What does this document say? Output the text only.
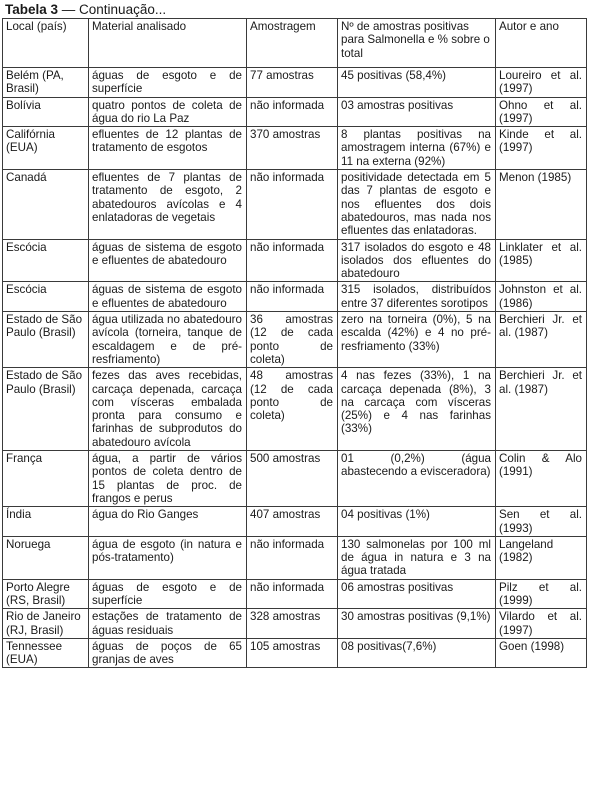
Tabela 3 — Continuação...
Local (país)	Material analisado	Amostragem	Nº de amostras positivas para Salmonella e % sobre o total	Autor e ano
Belém (PA, Brasil)	águas de esgoto e de superfície	77 amostras	45 positivas (58,4%)	Loureiro et al. (1997)
Bolívia	quatro pontos de coleta de água do rio La Paz	não informada	03 amostras positivas	Ohno et al. (1997)
Califórnia (EUA)	efluentes de 12 plantas de tratamento de esgotos	370 amostras	8 plantas positivas na amostragem interna (67%) e 11 na externa (92%)	Kinde et al. (1997)
Canadá	efluentes de 7 plantas de tratamento de esgoto, 2 abatedouros avícolas e 4 enlatadoras de vegetais	não informada	positividade detectada em 5 das 7 plantas de esgoto e nos efluentes dos dois abatedouros, mas nada nos efluentes das enlatadoras.	Menon (1985)
Escócia	águas de sistema de esgoto e efluentes de abatedouro	não informada	317 isolados do esgoto e 48 isolados dos efluentes do abatedouro	Linklater et al. (1985)
Escócia	águas de sistema de esgoto e efluentes de abatedouro	não informada	315 isolados, distribuídos entre 37 diferentes sorotipos	Johnston et al. (1986)
Estado de São Paulo (Brasil)	água utilizada no abatedouro avícola (torneira, tanque de escaldagem e de pré-resfriamento)	36 amostras (12 de cada ponto de coleta)	zero na torneira (0%), 5 na escalda (42%) e 4 no pré-resfriamento (33%)	Berchieri Jr. et al. (1987)
Estado de São Paulo (Brasil)	fezes das aves recebidas, carcaça depenada, carcaça com vísceras embalada pronta para consumo e farinhas de subprodutos do abatedouro avícola	48 amostras (12 de cada ponto de coleta)	4 nas fezes (33%), 1 na carcaça depenada (8%), 3 na carcaça com vísceras (25%) e 4 nas farinhas (33%)	Berchieri Jr. et al. (1987)
França	água, a partir de vários pontos de coleta dentro de 15 plantas de proc. de frangos e perus	500 amostras	01 (0,2%) (água abastecendo a evisceradora)	Colin & Alo (1991)
Índia	água do Rio Ganges	407 amostras	04 positivas (1%)	Sen et al. (1993)
Noruega	água de esgoto (in natura e pós-tratamento)	não informada	130 salmonelas por 100 ml de água in natura e 3 na água tratada	Langeland (1982)
Porto Alegre (RS, Brasil)	águas de esgoto e de superfície	não informada	06 amostras positivas	Pilz et al. (1999)
Rio de Janeiro (RJ, Brasil)	estações de tratamento de águas residuais	328 amostras	30 amostras positivas (9,1%)	Vilardo et al. (1997)
Tennessee (EUA)	águas de poços de 65 granjas de aves	105 amostras	08 positivas(7,6%)	Goen (1998)
